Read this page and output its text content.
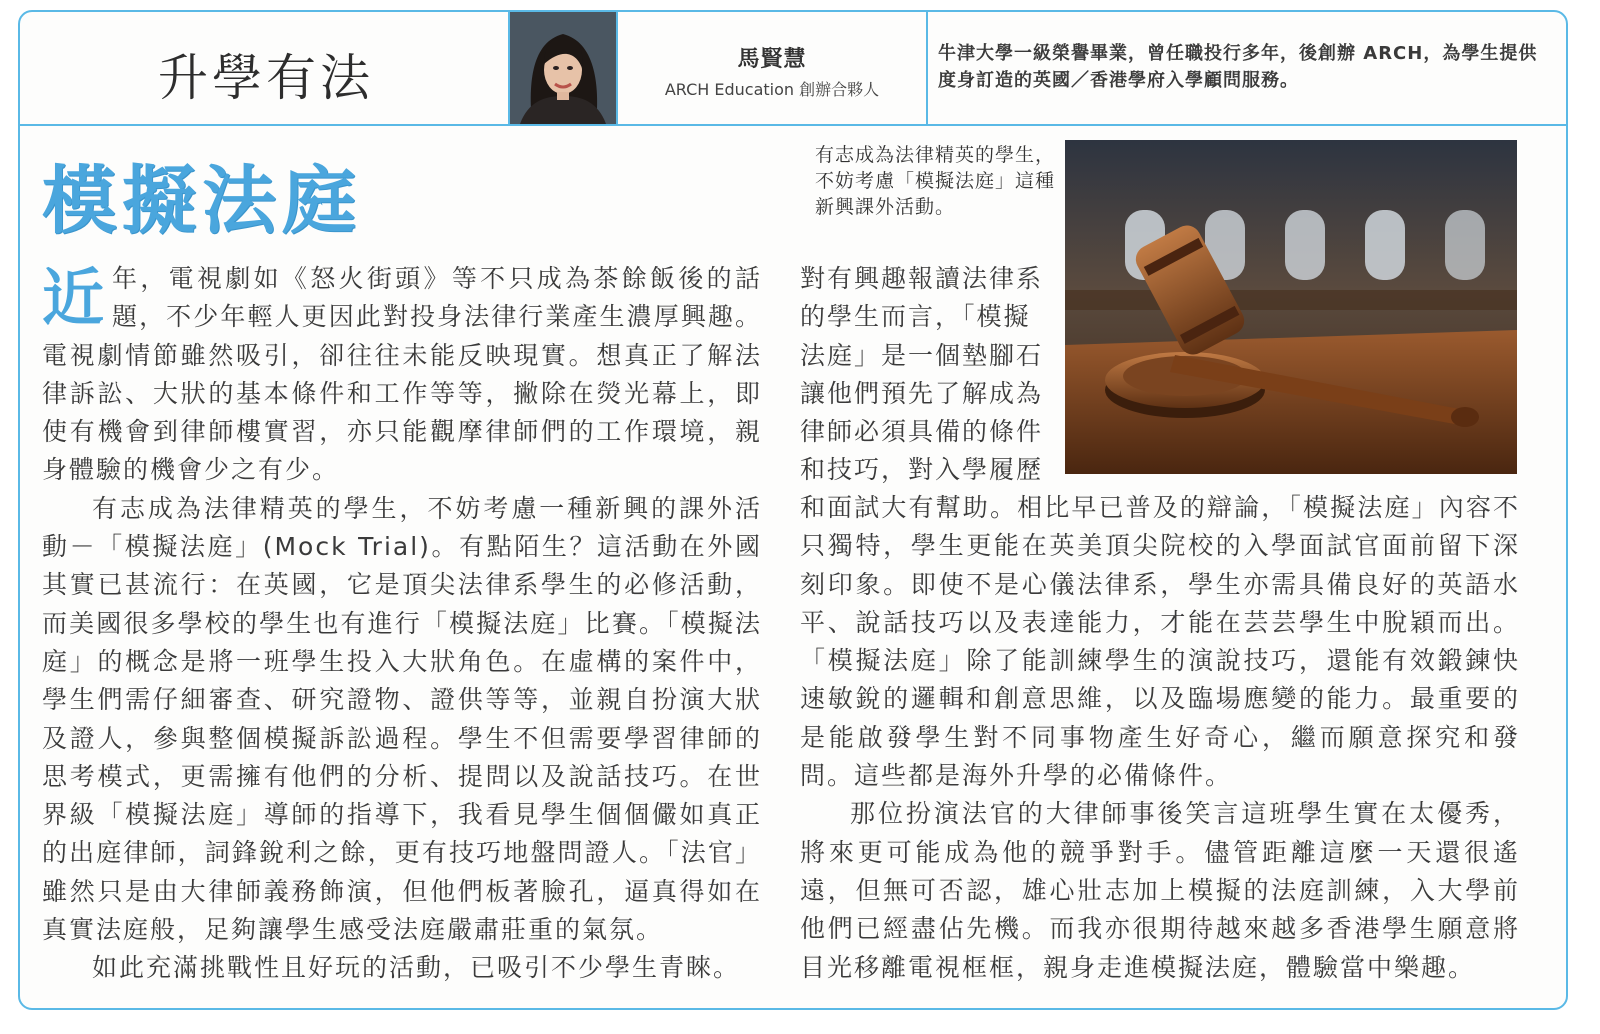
升學有法	馬賢慧
ARCH Education 創辦合夥人
牛津大學一級榮譽畢業，曾任職投行多年，後創辦 ARCH，為學生提供度身訂造的英國／香港學府入學顧問服務。
模擬法庭

近年，電視劇如《怒火街頭》等不只成為茶餘飯後的話題，不少年輕人更因此對投身法律行業產生濃厚興趣。電視劇情節雖然吸引，卻往往未能反映現實。想真正了解法律訴訟、大狀的基本條件和工作等等，撇除在熒光幕上，即使有機會到律師樓實習，亦只能觀摩律師們的工作環境，親身體驗的機會少之有少。

有志成為法律精英的學生，不妨考慮一種新興的課外活動－「模擬法庭」(Mock Trial)。有點陌生？這活動在外國其實已甚流行：在英國，它是頂尖法律系學生的必修活動，而美國很多學校的學生也有進行「模擬法庭」比賽。「模擬法庭」的概念是將一班學生投入大狀角色。在虛構的案件中，學生們需仔細審查、研究證物、證供等等，並親自扮演大狀及證人，參與整個模擬訴訟過程。學生不但需要學習律師的思考模式，更需擁有他們的分析、提問以及說話技巧。在世界級「模擬法庭」導師的指導下，我看見學生個個儼如真正的出庭律師，詞鋒銳利之餘，更有技巧地盤問證人。「法官」雖然只是由大律師義務飾演，但他們板著臉孔，逼真得如在真實法庭般，足夠讓學生感受法庭嚴肅莊重的氣氛。

如此充滿挑戰性且好玩的活動，已吸引不少學生青睞。

有志成為法律精英的學生，不妨考慮「模擬法庭」這種新興課外活動。

對有興趣報讀法律系的學生而言，「模擬法庭」是一個墊腳石讓他們預先了解成為律師必須具備的條件和技巧，對入學履歷

和面試大有幫助。相比早已普及的辯論，「模擬法庭」內容不只獨特，學生更能在英美頂尖院校的入學面試官面前留下深刻印象。即使不是心儀法律系，學生亦需具備良好的英語水平、說話技巧以及表達能力，才能在芸芸學生中脫穎而出。「模擬法庭」除了能訓練學生的演說技巧，還能有效鍛鍊快速敏銳的邏輯和創意思維，以及臨場應變的能力。最重要的是能啟發學生對不同事物產生好奇心，繼而願意探究和發問。這些都是海外升學的必備條件。

那位扮演法官的大律師事後笑言這班學生實在太優秀，將來更可能成為他的競爭對手。儘管距離這麼一天還很遙遠，但無可否認，雄心壯志加上模擬的法庭訓練，入大學前他們已經盡佔先機。而我亦很期待越來越多香港學生願意將目光移離電視框框，親身走進模擬法庭，體驗當中樂趣。
